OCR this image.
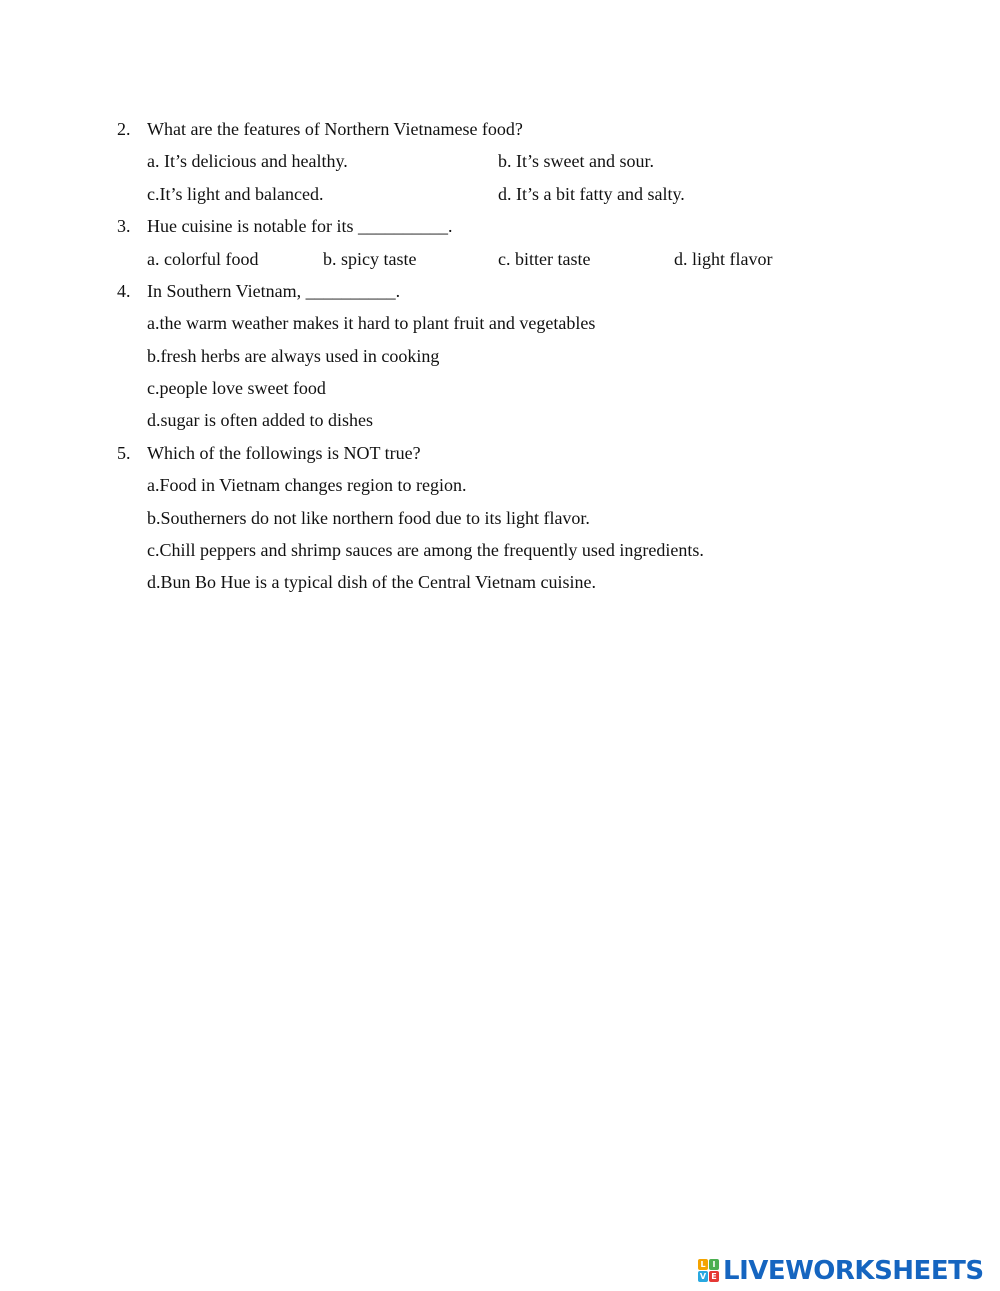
2. What are the features of Northern Vietnamese food?
a. It’s delicious and healthy.	b. It’s sweet and sour.
c.It’s light and balanced.	d. It’s a bit fatty and salty.
3. Hue cuisine is notable for its __________.
a. colorful food	b. spicy taste	c. bitter taste	d. light flavor
4. In Southern Vietnam, __________.
a.the warm weather makes it hard to plant fruit and vegetables
b.fresh herbs are always used in cooking
c.people love sweet food
d.sugar is often added to dishes
5. Which of the followings is NOT true?
a.Food in Vietnam changes region to region.
b.Southerners do not like northern food due to its light flavor.
c.Chill peppers and shrimp sauces are among the frequently used ingredients.
d.Bun Bo Hue is a typical dish of the Central Vietnam cuisine.
L I
V E LIVEWORKSHEETS
